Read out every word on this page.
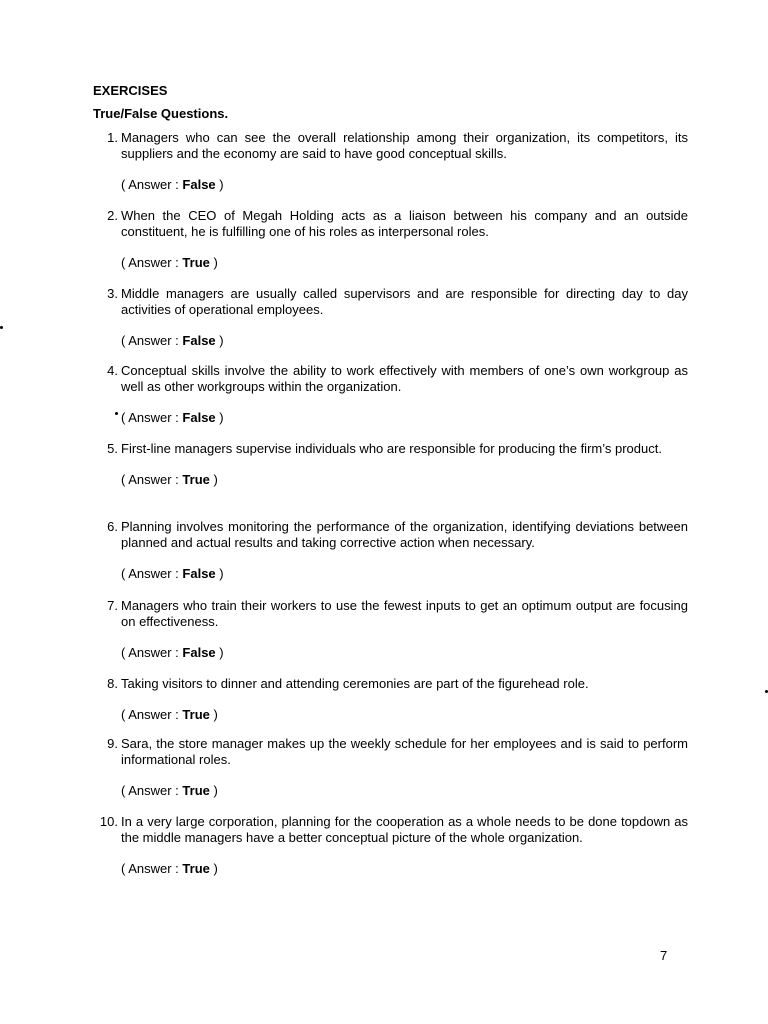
EXERCISES
True/False Questions.
1. Managers who can see the overall relationship among their organization, its competitors, its suppliers and the economy are said to have good conceptual skills.
( Answer : False )
2. When the CEO of Megah Holding acts as a liaison between his company and an outside constituent, he is fulfilling one of his roles as interpersonal roles.
( Answer : True )
3. Middle managers are usually called supervisors and are responsible for directing day to day activities of operational employees.
( Answer : False )
4. Conceptual skills involve the ability to work effectively with members of one’s own workgroup as well as other workgroups within the organization.
( Answer : False )
5. First-line managers supervise individuals who are responsible for producing the firm’s product.
( Answer : True )
6. Planning involves monitoring the performance of the organization, identifying deviations between planned and actual results and taking corrective action when necessary.
( Answer : False )
7. Managers who train their workers to use the fewest inputs to get an optimum output are focusing on effectiveness.
( Answer : False )
8. Taking visitors to dinner and attending ceremonies are part of the figurehead role.
( Answer : True )
9. Sara, the store manager makes up the weekly schedule for her employees and is said to perform informational roles.
( Answer : True )
10. In a very large corporation, planning for the cooperation as a whole needs to be done topdown as the middle managers have a better conceptual picture of the whole organization.
( Answer : True )
7
